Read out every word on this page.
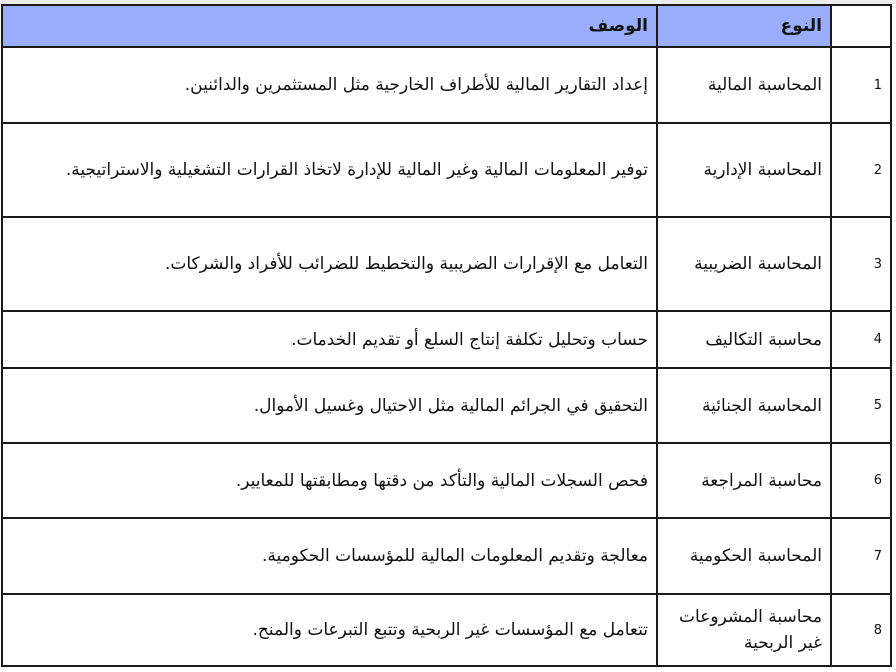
	النوع	الوصف
1	المحاسبة المالية	إعداد التقارير المالية للأطراف الخارجية مثل المستثمرين والدائنين.
2	المحاسبة الإدارية	توفير المعلومات المالية وغير المالية للإدارة لاتخاذ القرارات التشغيلية والاستراتيجية.
3	المحاسبة الضريبية	التعامل مع الإقرارات الضريبية والتخطيط للضرائب للأفراد والشركات.
4	محاسبة التكاليف	حساب وتحليل تكلفة إنتاج السلع أو تقديم الخدمات.
5	المحاسبة الجنائية	التحقيق في الجرائم المالية مثل الاحتيال وغسيل الأموال.
6	محاسبة المراجعة	فحص السجلات المالية والتأكد من دقتها ومطابقتها للمعايير.
7	المحاسبة الحكومية	معالجة وتقديم المعلومات المالية للمؤسسات الحكومية.
8	محاسبة المشروعات غير الربحية	تتعامل مع المؤسسات غير الربحية وتتبع التبرعات والمنح.
